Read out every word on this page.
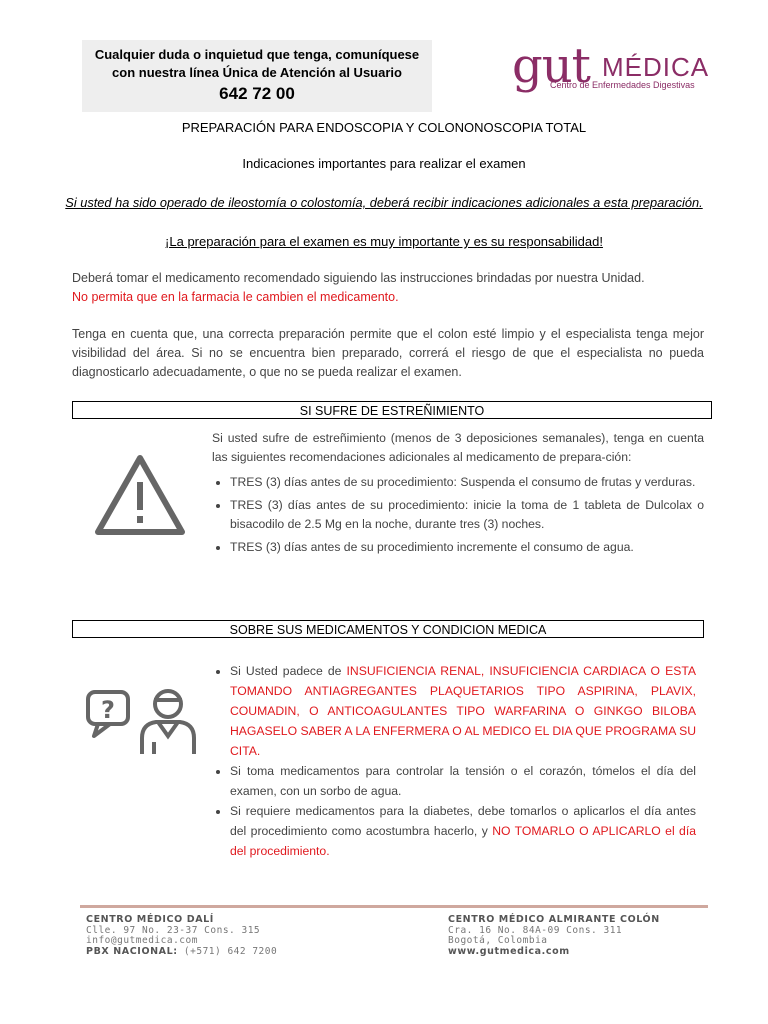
Cualquier duda o inquietud que tenga, comuníquese
con nuestra línea Única de Atención al Usuario
642 72 00	gut MÉDICA
Centro de Enfermedades Digestivas
PREPARACIÓN PARA ENDOSCOPIA Y COLONONOSCOPIA TOTAL
Indicaciones importantes para realizar el examen
Si usted ha sido operado de ileostomía o colostomía, deberá recibir indicaciones adicionales a esta preparación.
¡La preparación para el examen es muy importante y es su responsabilidad!
Deberá tomar el medicamento recomendado siguiendo las instrucciones brindadas por nuestra Unidad.
No permita que en la farmacia le cambien el medicamento.
Tenga en cuenta que, una correcta preparación permite que el colon esté limpio y el especialista tenga mejor visibilidad del área. Si no se encuentra bien preparado, correrá el riesgo de que el especialista no pueda diagnosticarlo adecuadamente, o que no se pueda realizar el examen.
SI SUFRE DE ESTREÑIMIENTO
Si usted sufre de estreñimiento (menos de 3 deposiciones semanales), tenga en cuenta las siguientes recomendaciones adicionales al medicamento de prepara-ción:
• TRES (3) días antes de su procedimiento: Suspenda el consumo de frutas y verduras.
• TRES (3) días antes de su procedimiento: inicie la toma de 1 tableta de Dulcolax o bisacodilo de 2.5 Mg en la noche, durante tres (3) noches.
• TRES (3) días antes de su procedimiento incremente el consumo de agua.
SOBRE SUS MEDICAMENTOS Y CONDICION MEDICA
?
• Si Usted padece de INSUFICIENCIA RENAL, INSUFICIENCIA CARDIACA O ESTA TOMANDO ANTIAGREGANTES PLAQUETARIOS TIPO ASPIRINA, PLAVIX, COUMADIN, O ANTICOAGULANTES TIPO WARFARINA O GINKGO BILOBA HAGASELO SABER A LA ENFERMERA O AL MEDICO EL DIA QUE PROGRAMA SU CITA.
• Si toma medicamentos para controlar la tensión o el corazón, tómelos el día del examen, con un sorbo de agua.
• Si requiere medicamentos para la diabetes, debe tomarlos o aplicarlos el día antes del procedimiento como acostumbra hacerlo, y NO TOMARLO O APLICARLO el día del procedimiento.
CENTRO MÉDICO DALÍ
Clle. 97 No. 23-37 Cons. 315
info@gutmedica.com
PBX NACIONAL: (+571) 642 7200
CENTRO MÉDICO ALMIRANTE COLÓN
Cra. 16 No. 84A-09 Cons. 311
Bogotá, Colombia
www.gutmedica.com
